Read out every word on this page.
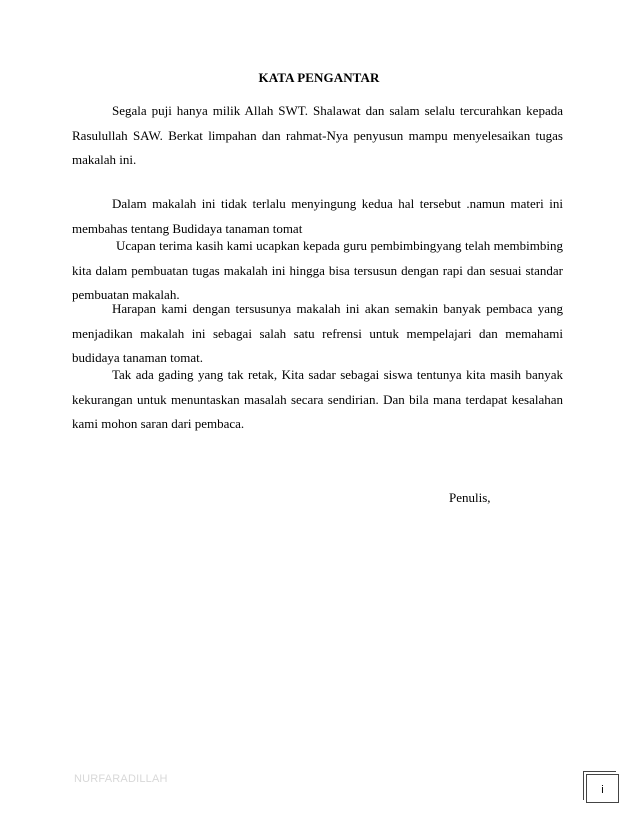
KATA PENGANTAR

Segala puji hanya milik Allah SWT. Shalawat dan salam selalu tercurahkan kepada Rasulullah SAW. Berkat limpahan dan rahmat-Nya penyusun mampu menyelesaikan tugas makalah ini.

Dalam makalah ini tidak terlalu menyingung kedua hal tersebut .namun materi ini membahas tentang Budidaya tanaman tomat

Ucapan terima kasih kami ucapkan kepada guru pembimbingyang telah membimbing kita dalam pembuatan tugas makalah ini hingga bisa tersusun dengan rapi dan sesuai standar pembuatan makalah.

Harapan kami dengan tersusunya makalah ini akan semakin banyak pembaca yang menjadikan makalah ini sebagai salah satu refrensi untuk mempelajari dan memahami budidaya tanaman tomat.

Tak ada gading yang tak retak, Kita sadar sebagai siswa tentunya kita masih banyak kekurangan untuk menuntaskan masalah secara sendirian. Dan bila mana terdapat kesalahan kami mohon saran dari pembaca.

Penulis,
NURFARADILLAH
i
